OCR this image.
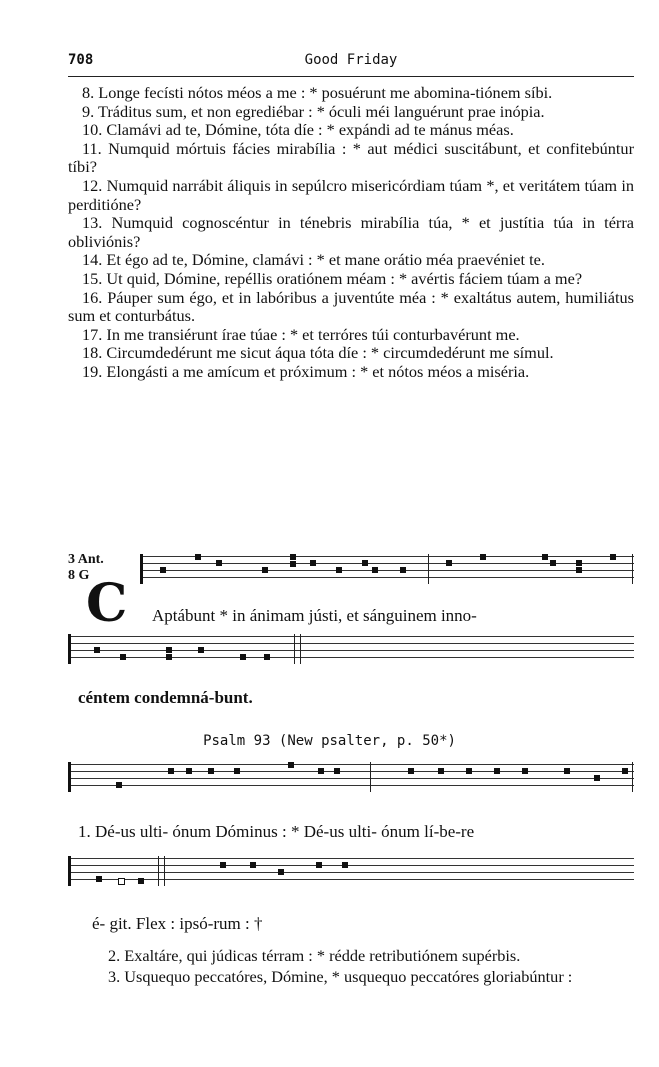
708	Good Friday

8. Longe fecísti nótos méos a me : * posuérunt me abomina-tiónem síbi.

9. Tráditus sum, et non egrediébar : * óculi méi languérunt prae inópia.

10. Clamávi ad te, Dómine, tóta díe : * expándi ad te mánus méas.

11. Numquid mórtuis fácies mirabília : * aut médici suscitábunt, et confitebúntur tíbi?

12. Numquid narrábit áliquis in sepúlcro misericórdiam túam *, et veritátem túam in perditióne?

13. Numquid cognoscéntur in ténebris mirabília túa, * et justítia túa in térra obliviónis?

14. Et égo ad te, Dómine, clamávi : * et mane orátio méa praevéniet te.

15. Ut quid, Dómine, repéllis oratiónem méam : * avértis fáciem túam a me?

16. Páuper sum égo, et in labóribus a juventúte méa : * exaltátus autem, humiliátus sum et conturbátus.

17. In me transiérunt írae túae : * et terróres túi conturbavérunt me.

18. Circumdedérunt me sicut áqua tóta díe : * circumdedérunt me símul.

19. Elongásti a me amícum et próximum : * et nótos méos a miséria.

3 Ant.
8 G
C Aptábunt * in ánimam jústi, et sánguinem inno-
céntem condemná-bunt.
Psalm 93 (New psalter, p. 50*)
1. Dé-us ulti- ónum Dóminus : * Dé-us ulti- ónum lí-be-re
é- git. Flex : ipsó-rum : †
2. Exaltáre, qui júdicas térram : * rédde retributiónem supérbis.
3. Usquequo peccatóres, Dómine, * usquequo peccatóres gloriabúntur :
